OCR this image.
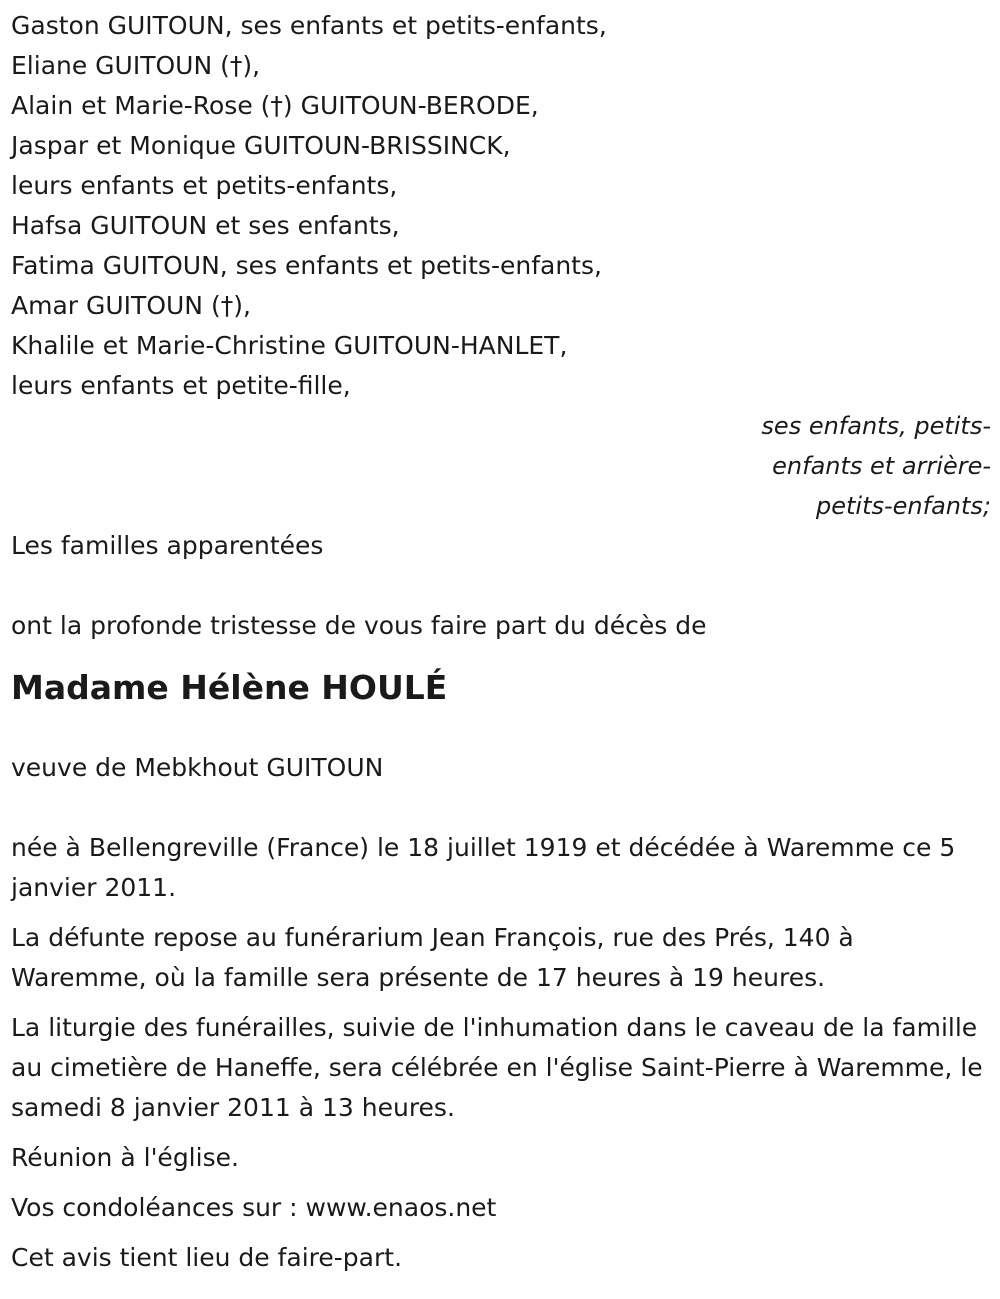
Gaston GUITOUN, ses enfants et petits-enfants,
Eliane GUITOUN (†),
Alain et Marie-Rose (†) GUITOUN-BERODE,
Jaspar et Monique GUITOUN-BRISSINCK,
leurs enfants et petits-enfants,
Hafsa GUITOUN et ses enfants,
Fatima GUITOUN, ses enfants et petits-enfants,
Amar GUITOUN (†),
Khalile et Marie-Christine GUITOUN-HANLET,
leurs enfants et petite-fille,
ses enfants, petits-
enfants et arrière-
petits-enfants;
Les familles apparentées
ont la profonde tristesse de vous faire part du décès de
Madame Hélène HOULÉ
veuve de Mebkhout GUITOUN

née à Bellengreville (France) le 18 juillet 1919 et décédée à Waremme ce 5 janvier 2011.

La défunte repose au funérarium Jean François, rue des Prés, 140 à Waremme, où la famille sera présente de 17 heures à 19 heures.

La liturgie des funérailles, suivie de l'inhumation dans le caveau de la famille au cimetière de Haneffe, sera célébrée en l'église Saint-Pierre à Waremme, le samedi 8 janvier 2011 à 13 heures.

Réunion à l'église.

Vos condoléances sur : www.enaos.net

Cet avis tient lieu de faire-part.
